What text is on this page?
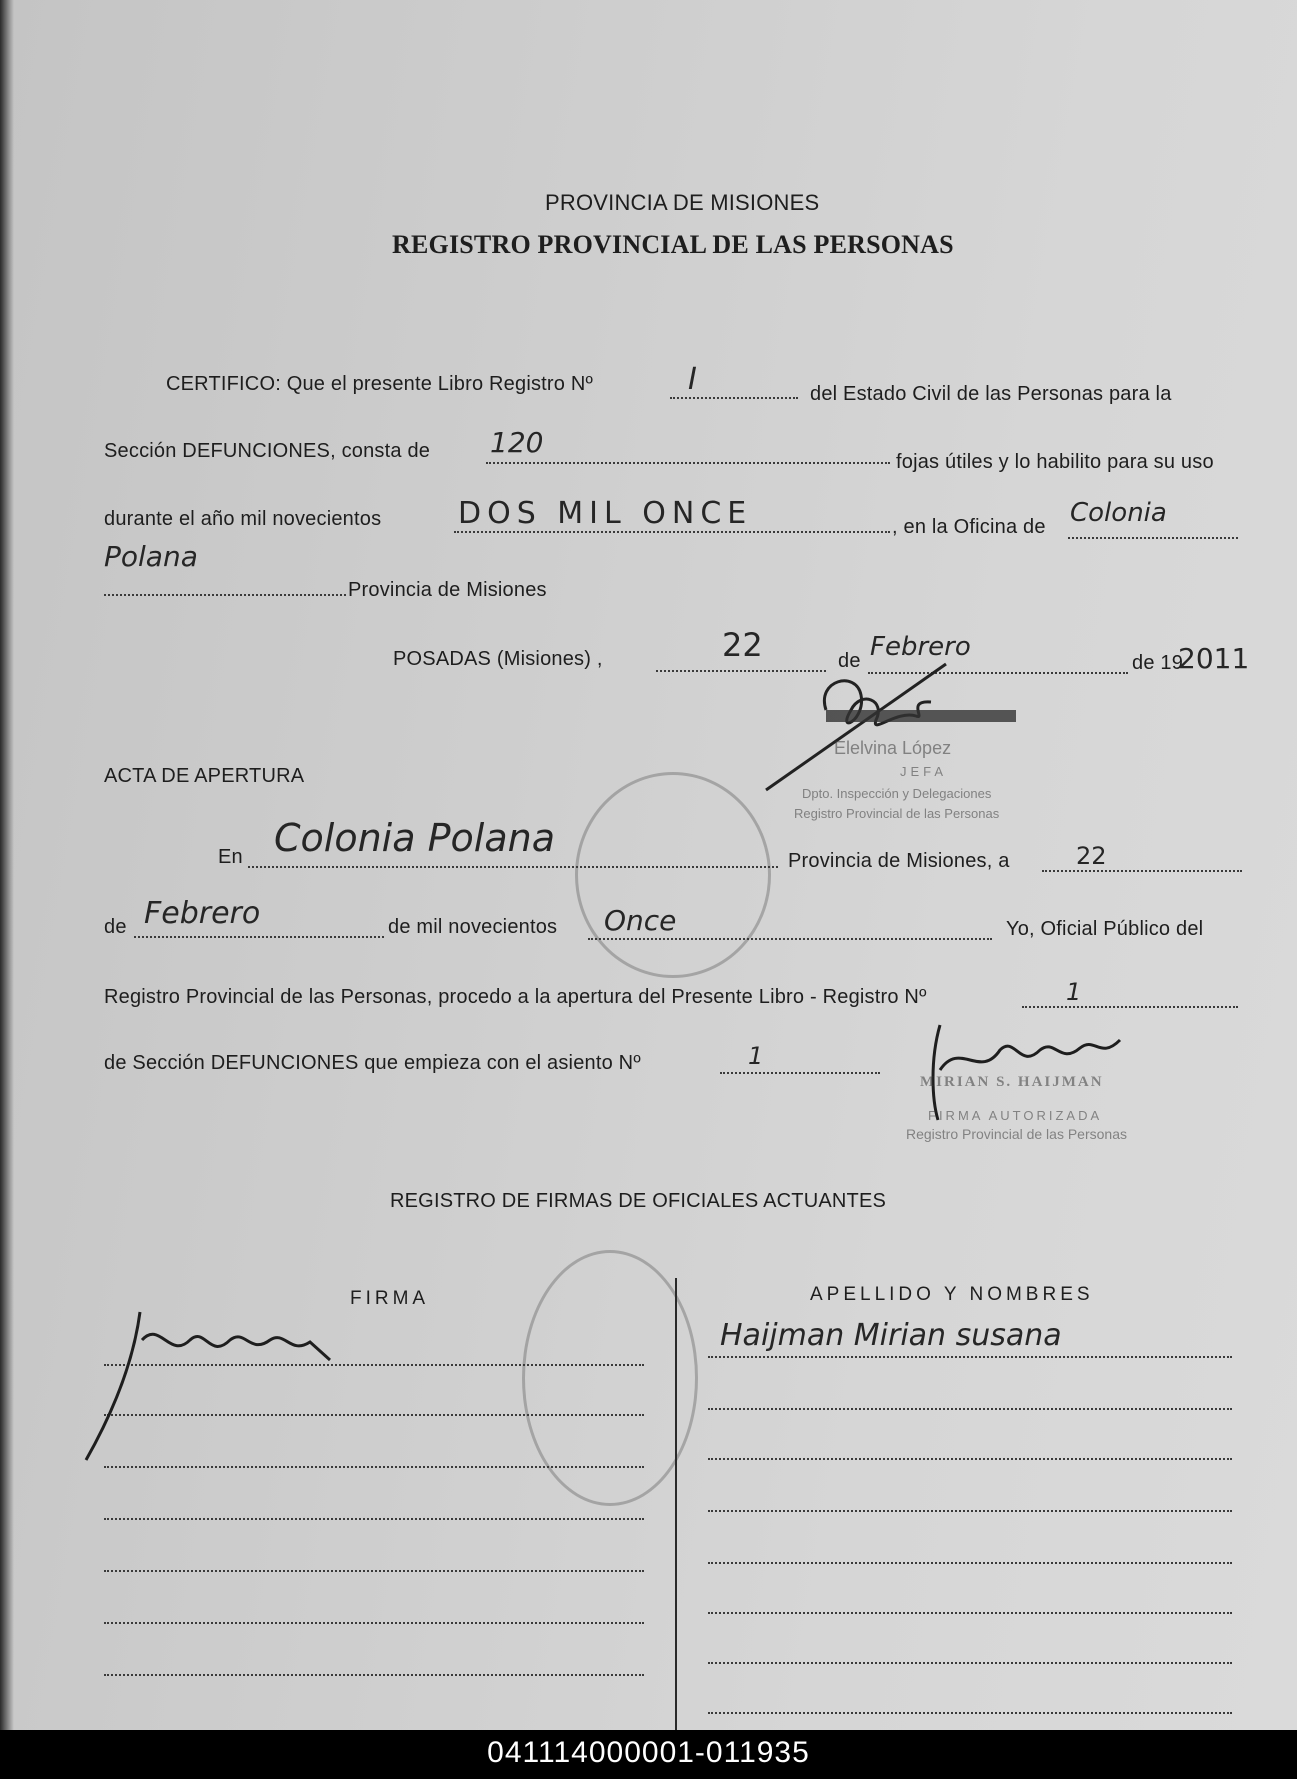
PROVINCIA DE MISIONES
REGISTRO PROVINCIAL DE LAS PERSONAS
CERTIFICO: Que el presente Libro Registro Nº	I	del Estado Civil de las Personas para la
Sección DEFUNCIONES, consta de 120
fojas útiles y lo habilito para su uso
durante el año mil novecientos	DOS MIL ONCE	, en la Oficina de Colonia
Polana
Provincia de Misiones
POSADAS (Misiones) ,	22	de Febrero
de 19
2011
Elelvina López
JEFA
Dpto. Inspección y Delegaciones
Registro Provincial de las Personas
ACTA DE APERTURA
En Colonia Polana
Provincia de Misiones, a	22
de Febrero	de mil novecientos Once	Yo, Oficial Público del
Registro Provincial de las Personas, procedo a la apertura del Presente Libro - Registro Nº	1
de Sección DEFUNCIONES que empieza con el asiento Nº	1
MIRIAN S. HAIJMAN
FIRMA AUTORIZADA
Registro Provincial de las Personas
REGISTRO DE FIRMAS DE OFICIALES ACTUANTES
FIRMA	APELLIDO Y NOMBRES
Haijman Mirian susana
041114000001-011935
